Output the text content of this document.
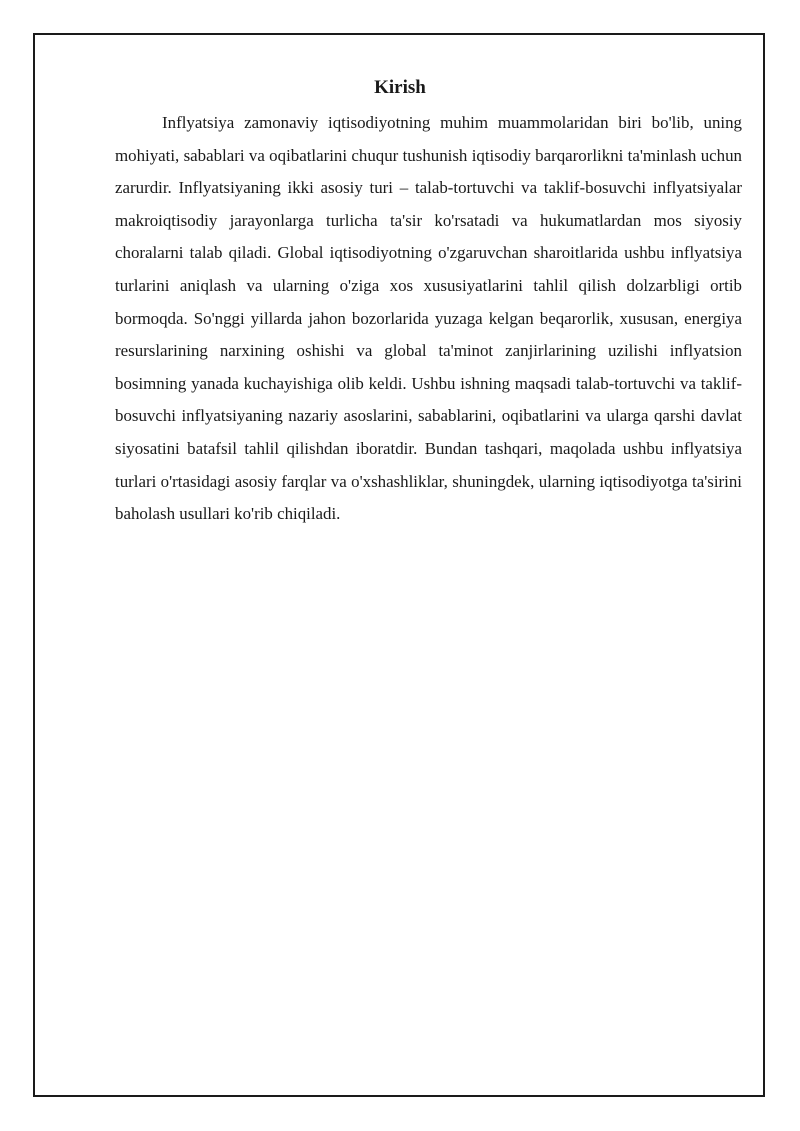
Kirish

Inflyatsiya zamonaviy iqtisodiyotning muhim muammolaridan biri bo'lib, uning mohiyati, sabablari va oqibatlarini chuqur tushunish iqtisodiy barqarorlikni ta'minlash uchun zarurdir. Inflyatsiyaning ikki asosiy turi – talab-tortuvchi va taklif-bosuvchi inflyatsiyalar makroiqtisodiy jarayonlarga turlicha ta'sir ko'rsatadi va hukumatlardan mos siyosiy choralarni talab qiladi. Global iqtisodiyotning o'zgaruvchan sharoitlarida ushbu inflyatsiya turlarini aniqlash va ularning o'ziga xos xususiyatlarini tahlil qilish dolzarbligi ortib bormoqda. So'nggi yillarda jahon bozorlarida yuzaga kelgan beqarorlik, xususan, energiya resurslarining narxining oshishi va global ta'minot zanjirlarining uzilishi inflyatsion bosimning yanada kuchayishiga olib keldi. Ushbu ishning maqsadi talab-tortuvchi va taklif-bosuvchi inflyatsiyaning nazariy asoslarini, sabablarini, oqibatlarini va ularga qarshi davlat siyosatini batafsil tahlil qilishdan iboratdir. Bundan tashqari, maqolada ushbu inflyatsiya turlari o'rtasidagi asosiy farqlar va o'xshashliklar, shuningdek, ularning iqtisodiyotga ta'sirini baholash usullari ko'rib chiqiladi.
